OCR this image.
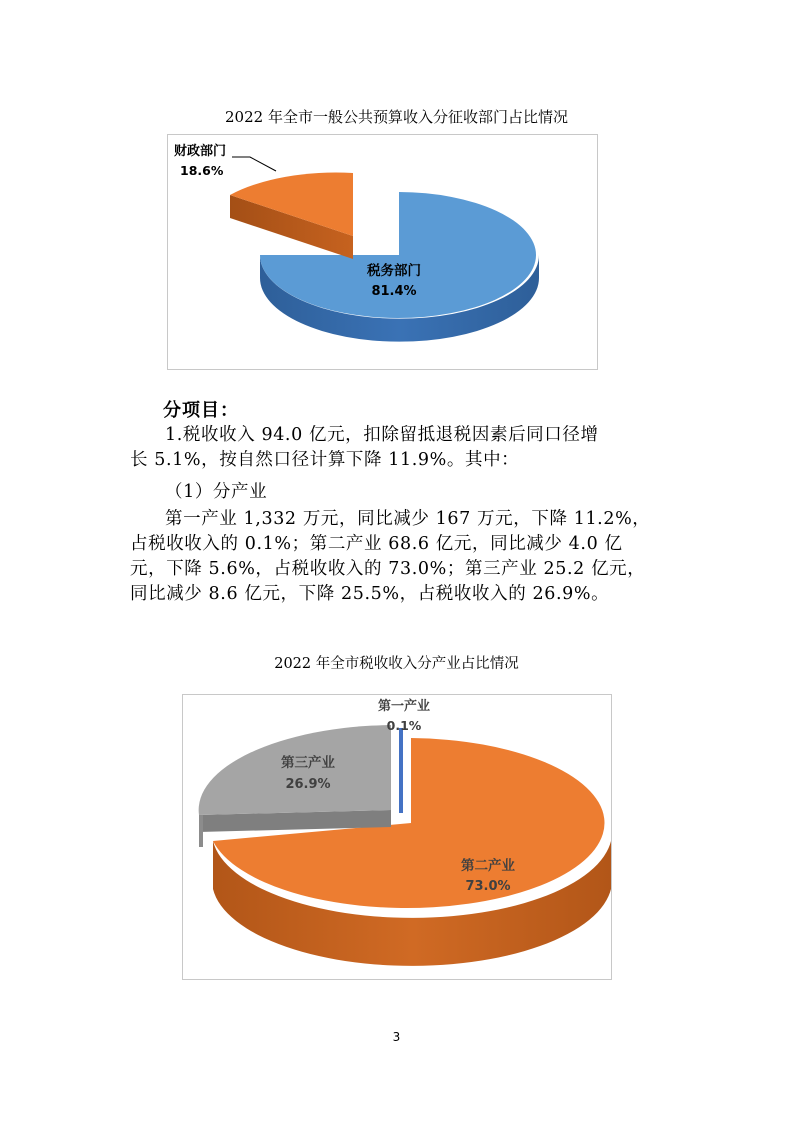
2022 年全市一般公共预算收入分征收部门占比情况
财政部门
18.6%
税务部门
81.4%
分项目：
1.税收收入 94.0 亿元，扣除留抵退税因素后同口径增
长 5.1%，按自然口径计算下降 11.9%。其中：
（1）分产业
第一产业 1,332 万元，同比减少 167 万元，下降 11.2%，
占税收收入的 0.1%；第二产业 68.6 亿元，同比减少 4.0 亿
元，下降 5.6%，占税收收入的 73.0%；第三产业 25.2 亿元，
同比减少 8.6 亿元，下降 25.5%，占税收收入的 26.9%。
2022 年全市税收收入分产业占比情况
第一产业
0.1%
第三产业
26.9%
第二产业
73.0%
3
